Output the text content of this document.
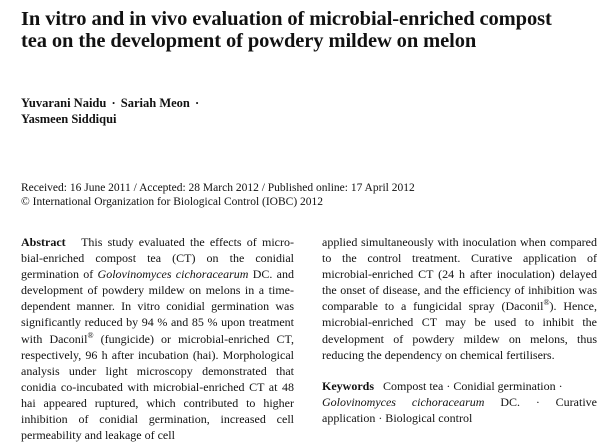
In vitro and in vivo evaluation of microbial-enriched compost tea on the development of powdery mildew on melon
Yuvarani Naidu · Sariah Meon ·
Yasmeen Siddiqui
Received: 16 June 2011 / Accepted: 28 March 2012 / Published online: 17 April 2012
© International Organization for Biological Control (IOBC) 2012
Abstract This study evaluated the effects of micro-bial-enriched compost tea (CT) on the conidial germination of Golovinomyces cichoracearum DC. and development of powdery mildew on melons in a time-dependent manner. In vitro conidial germination was significantly reduced by 94 % and 85 % upon treatment with Daconil® (fungicide) or microbial-enriched CT, respectively, 96 h after incubation (hai). Morphological analysis under light microscopy demonstrated that conidia co-incubated with microbial-enriched CT at 48 hai appeared ruptured, which contributed to higher inhibition of conidial germination, increased cell permeability and leakage of cell
applied simultaneously with inoculation when compared to the control treatment. Curative application of microbial-enriched CT (24 h after inoculation) delayed the onset of disease, and the efficiency of inhibition was comparable to a fungicidal spray (Daconil®). Hence, microbial-enriched CT may be used to inhibit the development of powdery mildew on melons, thus reducing the dependency on chemical fertilisers.
Keywords Compost tea · Conidial germination ·
Golovinomyces cichoracearum DC. · Curative application · Biological control
